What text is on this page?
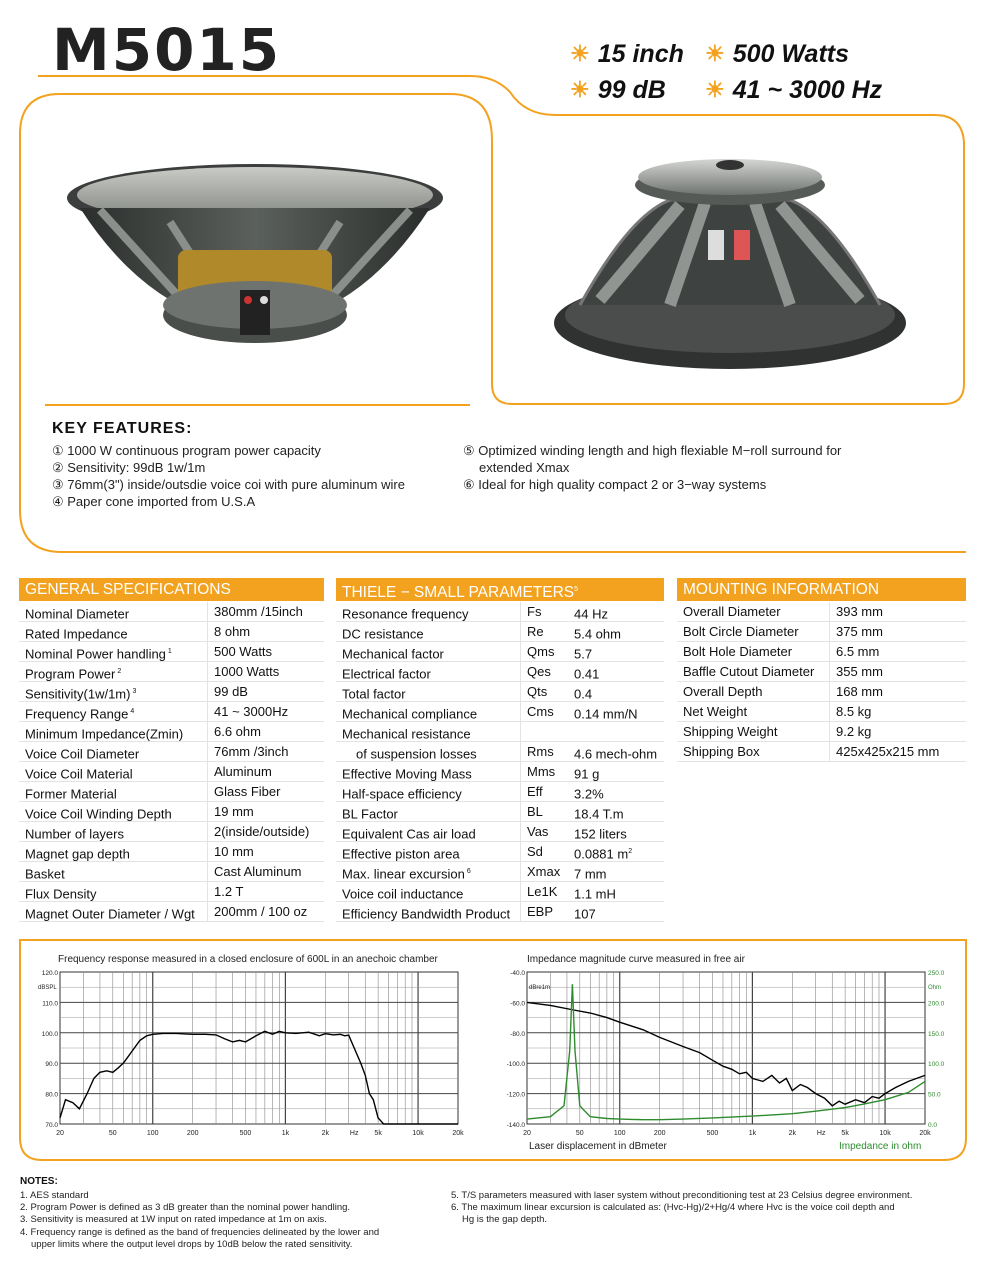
M5015	☀ 15 inch ☀ 500 Watts
☀ 99 dB ☀ 41 ~ 3000 Hz
KEY FEATURES:
① 1000 W continuous program power capacity
② Sensitivity: 99dB 1w/1m
③ 76mm(3") inside/outsdie voice coi with pure aluminum wire
④ Paper cone imported from U.S.A
⑤ Optimized winding length and high flexiable M−roll surround for
extended Xmax
⑥ Ideal for high quality compact 2 or 3−way systems
GENERAL SPECIFICATIONS
Nominal Diameter	380mm /15inch
Rated Impedance	8 ohm
Nominal Power handling $^1$	500 Watts
Program Power $^2$	1000 Watts
Sensitivity(1w/1m) $^3$	99 dB
Frequency Range $^4$	41 ~ 3000Hz
Minimum Impedance(Zmin)	6.6 ohm
Voice Coil Diameter	76mm /3inch
Voice Coil Material	Aluminum
Former Material	Glass Fiber
Voice Coil Winding Depth	19 mm
Number of layers	2(inside/outside)
Magnet gap depth	10 mm
Basket	Cast Aluminum
Flux Density	1.2 T
Magnet Outer Diameter / Wgt	200mm / 100 oz
THIELE − SMALL PARAMETERS$^5$
Resonance frequency	Fs	44 Hz
DC resistance	Re	5.4 ohm
Mechanical factor	Qms	5.7
Electrical factor	Qes	0.41
Total factor	Qts	0.4
Mechanical compliance	Cms	0.14 mm/N
Mechanical resistance
of suspension losses	Rms	4.6 mech-ohm
Effective Moving Mass	Mms	91 g
Half-space efficiency	Eff	3.2%
BL Factor	BL	18.4 T.m
Equivalent Cas air load	Vas	152 liters
Effective piston area	Sd	0.0881 $m^2$
Max. linear excursion $^6$	Xmax	7 mm
Voice coil inductance	Le1K	1.1 mH
Efficiency Bandwidth Product	EBP	107
MOUNTING INFORMATION
Overall Diameter	393 mm
Bolt Circle Diameter	375 mm
Bolt Hole Diameter	6.5 mm
Baffle Cutout Diameter	355 mm
Overall Depth	168 mm
Net Weight	8.5 kg
Shipping Weight	9.2 kg
Shipping Box	425x425x215 mm
Frequency response measured in a closed enclosure of 600L in an anechoic chamber	Impedance magnitude curve measured in free air
20	50	100	200	500	1k	2k	Hz 5k	10k	20k
70.0
80.0
90.0
100.0
110.0
120.0
dBSPL
20	50	100	200	500	1k	2k	Hz 5k	10k	20k
-40.0
-60.0
-80.0
-100.0
-120.0
-140.0
250.0
200.0
150.0
100.0
50.0
0.0
dBre1m	Ohm
Laser displacement in dBmeter	Impedance in ohm
NOTES:
1. AES standard
2. Program Power is defined as 3 dB greater than the nominal power handling.
3. Sensitivity is measured at 1W input on rated impedance at 1m on axis.
4. Frequency range is defined as the band of frequencies delineated by the lower and
upper limits where the output level drops by 10dB below the rated sensitivity.
5. T/S parameters measured with laser system without preconditioning test at 23 Celsius degree environment.
6. The maximum linear excursion is calculated as: (Hvc-Hg)/2+Hg/4 where Hvc is the voice coil depth and
Hg is the gap depth.
